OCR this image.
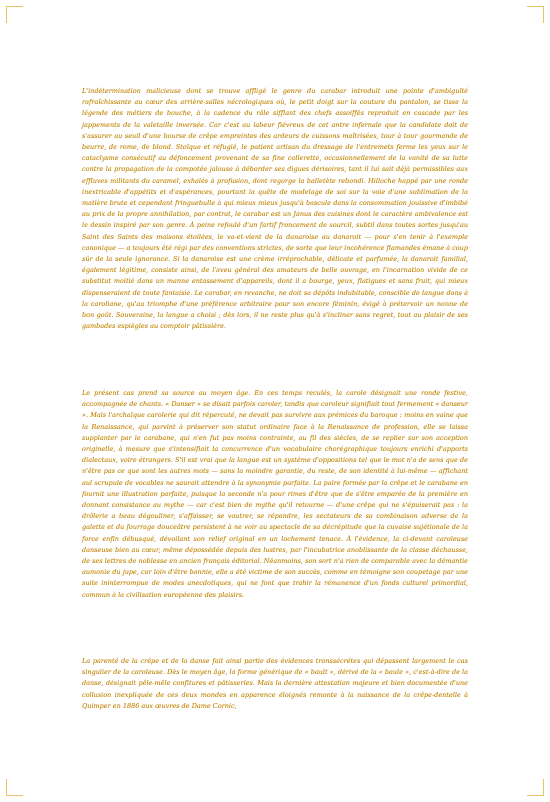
L'indétermination malicieuse dont se trouve affligé le genre du carabar introduit une pointe d'ambiguïté rafraîchissante au cœur des arrière-salles nécrologiques où, le petit doigt sur la couture du pantalon, se tisse la légende des métiers de bouche, à la cadence du râle sifflant des chefs assoiffés reproduit en cascade par les jappements de la valetaille inversée. Car c'est au labeur fiévreux de cet antre infernale que la candidate doit de s'assurer au seuil d'une bourse de crêpe empreintes des ardeurs de cuissons maîtrisées, tour à tour gourmande de beurre, de rome, de blond. Stoïque et réfugié, le patient artisan du dressage de l'entremets ferme les yeux sur le cataclysme consécutif au défoncement provenant de sa fine collerette, occasionnellement de la vanité de sa lutte contre la propagation de la compotée jalouse à déborder ses digues dérisoires, tant il lui sait déjà permissibles aux effluves militants du caramel, exhalés à profusion, dont regorge la balletète rebondi. Hilloche happé par une ronde inextricable d'appétits et d'espérances, pourtant la quête de modelage de soi sur la voie d'une sublimation de la matière brute et cependant fringuebulle à qui mieux mieux jusqu'à bascule dans la consommation jouissive d'imbibé au prix de la propre annihilation, par contrat, le carabar est un Janus des cuisines dont le caractère ambivalence est le dessin inspiré par son genre. À peine refoulé d'un fartif froncement de sourcil, subtil dans toutes sortes jusqu'au Saint des Saints des maisons étoilées, le va-et-vient de la danaroise au danaroit — pour s'en tenir à l'exemple canonique — a toujours été régi par des conventions strictes, de sorte que leur incohérence flamandes émane à coup sûr de la seule ignorance. Si la danaroise est une crème irréprochable, délicate et parfumée, la danaroit familial, également légitime, consiste ainsi, de l'aveu général des amateurs de belle ouvrage, en l'incarnation vivide de ce substitut moitié dans un manne entassement d'appareils, dont il a bourge, yeux, flatigues et sans fruit, qui mieux dispenseraient de toute fantaisie. Le carabar, en revanche, ne doit sa dépôts indubitable, conscible de langue dans à la caroliane, qu'au triomphe d'une préférence arbitraire pour son encore féminin, évigé à prétervoir un nonne de bon goût. Souveraine, la langue a choisi ; dès lors, il ne reste plus qu'à s'incliner sans regret, tout au plaisir de ses gambades espiègles au comptoir pâtissière.

Le présent cas prend sa source au moyen âge. En ces temps reculés, la carole désignait une ronde festive, accompagnée de chants. « Danser » se disait parfois caroler, tandis que caroleur signifiait tout fermement « danseur ». Mais l'archaïque carolerie qui dit répercuté, ne devait pas survivre aux prémices du baroque : moins en vaine que la Renaissance, qui parvint à préserver son statut ordinaire face à la Renaissance de profession, elle se laissa supplanter par le carabane, qui n'en fut pas moins contrainte, au fil des siècles, de se replier sur son acception originelle, à mesure que s'intensifiait la concurrence d'un vocabulaire chorégraphique toujours enrichi d'apports dialectaux, voire étrangers. S'il est vrai que la langue est un système d'oppositions tel que le mot n'a de sens que de n'être pas ce que sont les autres mots — sans la moindre garantie, du reste, de son identité à lui-même — affichant aul scrupule de vocables ne saurait attendre à la synonymie parfaite. La paire formée par la crêpe et le carabane en fournit une illustration parfaite, puisque la seconde n'a pour rimes d'être que de s'être emparée de la première en donnant consistance au mythe — car c'est bien de mythe qu'il retourne — d'une crêpe qui ne s'épuiserait pas : la drôlerie a beau dégouliner, s'affaisser, se vautrer, se répandre, les sectateurs de sa combinaison adverse de la galette et du fourrage douceâtre persistent à ne voir au spectacle de sa décrépitude que la cuvaise sujétionale de la force enfin débusqué, dévoilant son relief original en un lochement tenace. À l'évidence, la ci-devant caroleuse danseuse bien au cœur, même dépossédée depuis des lustres, par l'incubatrice anoblissante de la classe déchausse, de ses lettres de noblesse en ancien français éditorial. Néanmoins, son sort n'a rien de comparable avec la démantie aumonie du jupe, car loin d'être bannie, elle a été victime de son succès, comme en témoigne son coupetage par une suite ininterrompue de modes anecdotiques, qui ne font que trahir la rémanence d'un fonds culturel primordial, commun à la civilisation européenne des plaisirs.

La parenté de la crêpe et de la danse fait ainsi partie des évidences transsécrétes qui dépassent largement le cas singulier de la caroleuse. Dès le moyen âge, la forme générique de « bault », dérivé de la « baule », c'est-à-dire de la danse, désignait pêle-mêle confitures et pâtisseries. Mais la dernière attestation majeure et bien documentée d'une collusion inexpliquée de ces deux mondes en apparence éloignés remonte à la naissance de la crêpe-dentelle à Quimper en 1886 aux œuvres de Dame Cornic,
